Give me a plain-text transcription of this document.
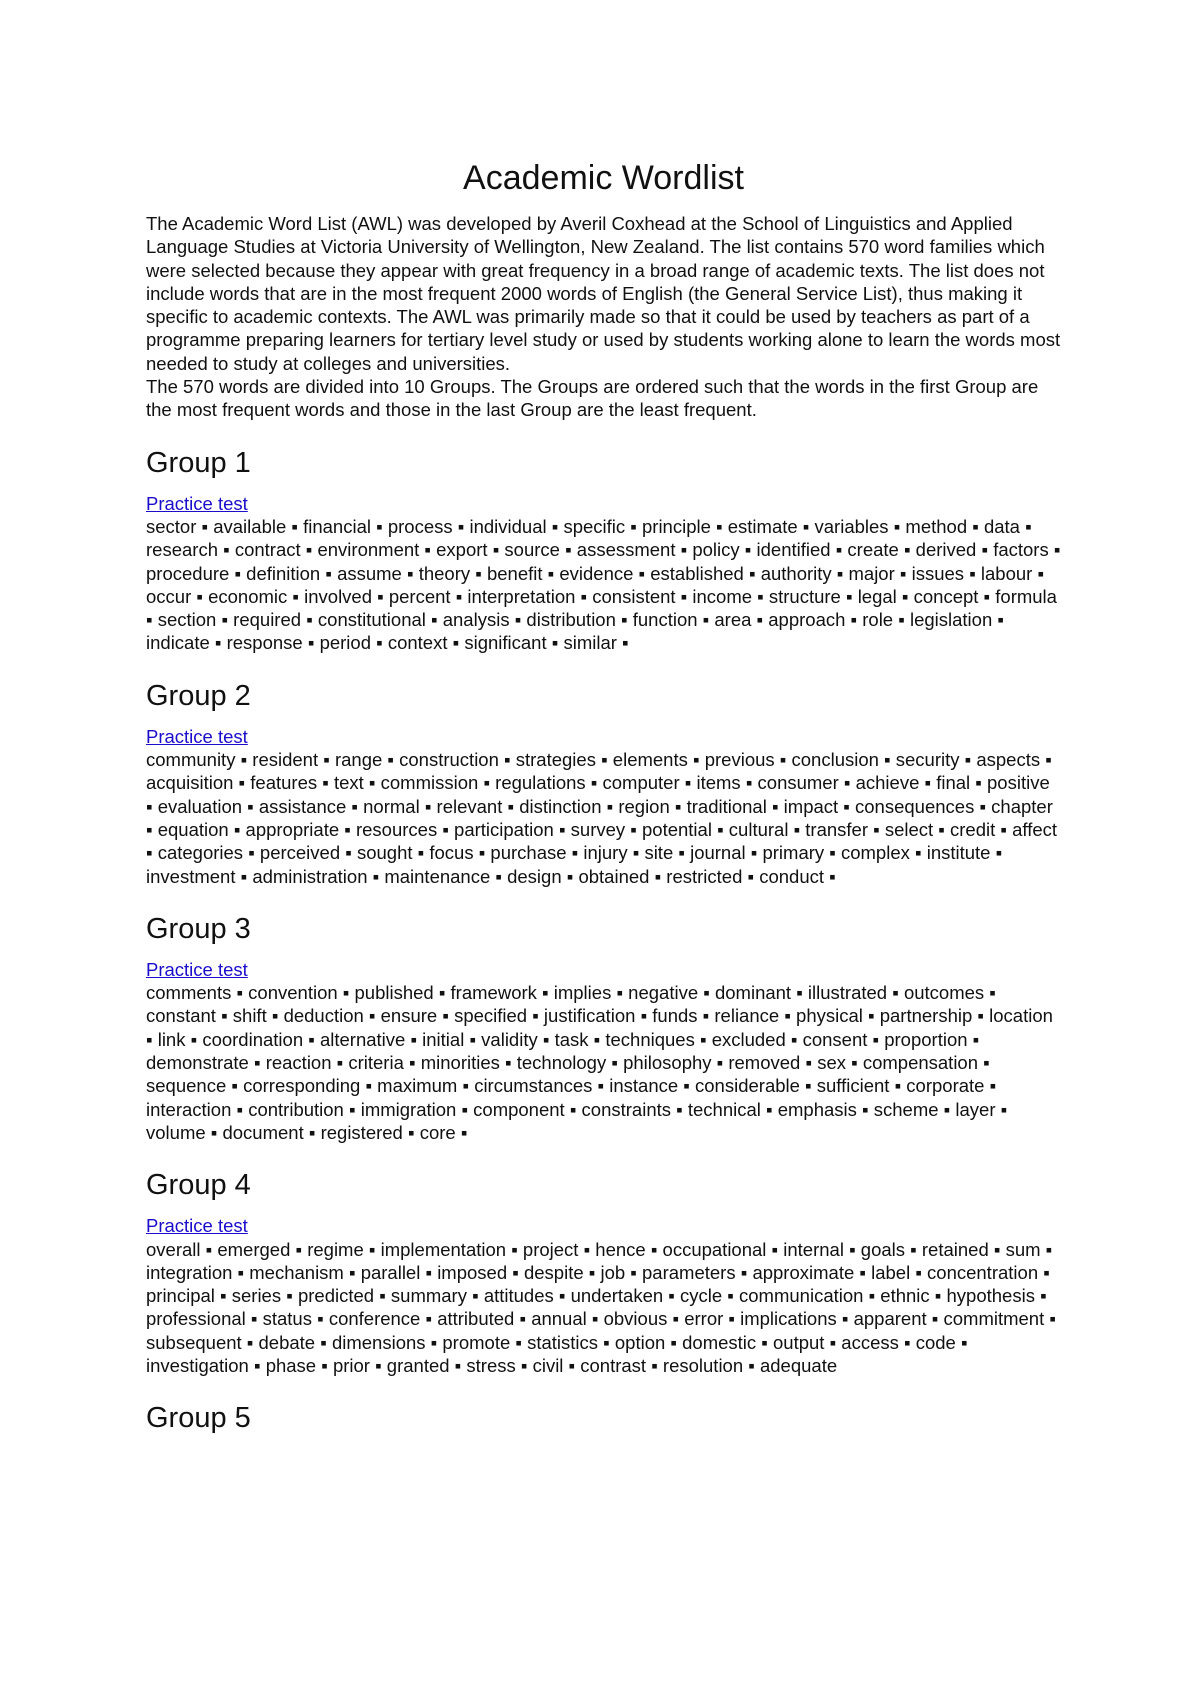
Academic Wordlist

The Academic Word List (AWL) was developed by Averil Coxhead at the School of Linguistics and Applied Language Studies at Victoria University of Wellington, New Zealand. The list contains 570 word families which were selected because they appear with great frequency in a broad range of academic texts. The list does not include words that are in the most frequent 2000 words of English (the General Service List), thus making it specific to academic contexts. The AWL was primarily made so that it could be used by teachers as part of a programme preparing learners for tertiary level study or used by students working alone to learn the words most needed to study at colleges and universities.

The 570 words are divided into 10 Groups. The Groups are ordered such that the words in the first Group are the most frequent words and those in the last Group are the least frequent.

Group 1
Practice test
sector ▪ available ▪ financial ▪ process ▪ individual ▪ specific ▪ principle ▪ estimate ▪ variables ▪ method ▪ data ▪ research ▪ contract ▪ environment ▪ export ▪ source ▪ assessment ▪ policy ▪ identified ▪ create ▪ derived ▪ factors ▪ procedure ▪ definition ▪ assume ▪ theory ▪ benefit ▪ evidence ▪ established ▪ authority ▪ major ▪ issues ▪ labour ▪ occur ▪ economic ▪ involved ▪ percent ▪ interpretation ▪ consistent ▪ income ▪ structure ▪ legal ▪ concept ▪ formula ▪ section ▪ required ▪ constitutional ▪ analysis ▪ distribution ▪ function ▪ area ▪ approach ▪ role ▪ legislation ▪ indicate ▪ response ▪ period ▪ context ▪ significant ▪ similar ▪
Group 2
Practice test
community ▪ resident ▪ range ▪ construction ▪ strategies ▪ elements ▪ previous ▪ conclusion ▪ security ▪ aspects ▪ acquisition ▪ features ▪ text ▪ commission ▪ regulations ▪ computer ▪ items ▪ consumer ▪ achieve ▪ final ▪ positive ▪ evaluation ▪ assistance ▪ normal ▪ relevant ▪ distinction ▪ region ▪ traditional ▪ impact ▪ consequences ▪ chapter ▪ equation ▪ appropriate ▪ resources ▪ participation ▪ survey ▪ potential ▪ cultural ▪ transfer ▪ select ▪ credit ▪ affect ▪ categories ▪ perceived ▪ sought ▪ focus ▪ purchase ▪ injury ▪ site ▪ journal ▪ primary ▪ complex ▪ institute ▪ investment ▪ administration ▪ maintenance ▪ design ▪ obtained ▪ restricted ▪ conduct ▪
Group 3
Practice test
comments ▪ convention ▪ published ▪ framework ▪ implies ▪ negative ▪ dominant ▪ illustrated ▪ outcomes ▪ constant ▪ shift ▪ deduction ▪ ensure ▪ specified ▪ justification ▪ funds ▪ reliance ▪ physical ▪ partnership ▪ location ▪ link ▪ coordination ▪ alternative ▪ initial ▪ validity ▪ task ▪ techniques ▪ excluded ▪ consent ▪ proportion ▪ demonstrate ▪ reaction ▪ criteria ▪ minorities ▪ technology ▪ philosophy ▪ removed ▪ sex ▪ compensation ▪ sequence ▪ corresponding ▪ maximum ▪ circumstances ▪ instance ▪ considerable ▪ sufficient ▪ corporate ▪ interaction ▪ contribution ▪ immigration ▪ component ▪ constraints ▪ technical ▪ emphasis ▪ scheme ▪ layer ▪ volume ▪ document ▪ registered ▪ core ▪
Group 4
Practice test
overall ▪ emerged ▪ regime ▪ implementation ▪ project ▪ hence ▪ occupational ▪ internal ▪ goals ▪ retained ▪ sum ▪ integration ▪ mechanism ▪ parallel ▪ imposed ▪ despite ▪ job ▪ parameters ▪ approximate ▪ label ▪ concentration ▪ principal ▪ series ▪ predicted ▪ summary ▪ attitudes ▪ undertaken ▪ cycle ▪ communication ▪ ethnic ▪ hypothesis ▪ professional ▪ status ▪ conference ▪ attributed ▪ annual ▪ obvious ▪ error ▪ implications ▪ apparent ▪ commitment ▪ subsequent ▪ debate ▪ dimensions ▪ promote ▪ statistics ▪ option ▪ domestic ▪ output ▪ access ▪ code ▪ investigation ▪ phase ▪ prior ▪ granted ▪ stress ▪ civil ▪ contrast ▪ resolution ▪ adequate
Group 5
